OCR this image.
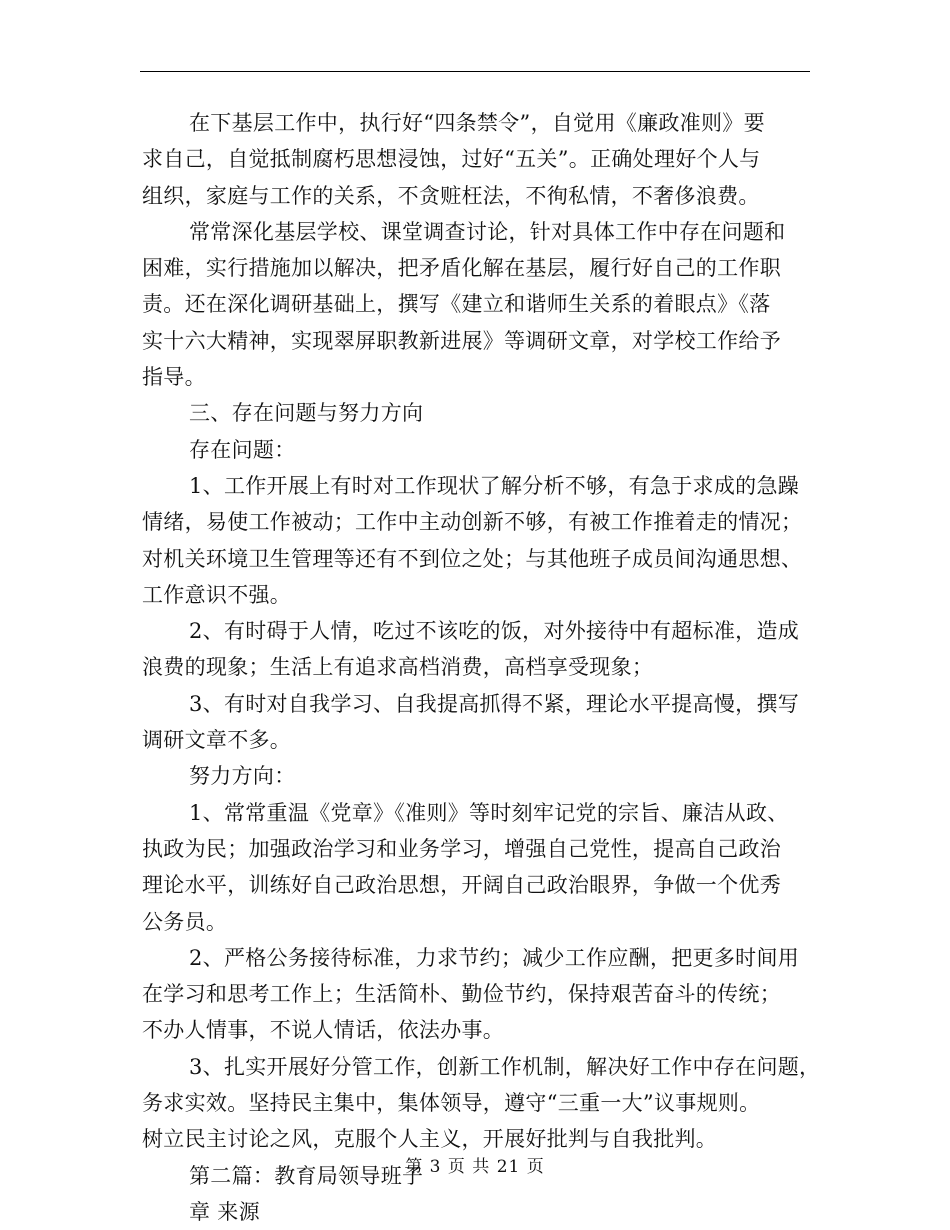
在下基层工作中，执行好“四条禁令”，自觉用《廉政准则》要
求自己，自觉抵制腐朽思想浸蚀，过好“五关”。正确处理好个人与
组织，家庭与工作的关系，不贪赃枉法，不徇私情，不奢侈浪费。
常常深化基层学校、课堂调查讨论，针对具体工作中存在问题和
困难，实行措施加以解决，把矛盾化解在基层，履行好自己的工作职
责。还在深化调研基础上，撰写《建立和谐师生关系的着眼点》《落
实十六大精神，实现翠屏职教新进展》等调研文章，对学校工作给予
指导。
三、存在问题与努力方向
存在问题：
1、工作开展上有时对工作现状了解分析不够，有急于求成的急躁
情绪，易使工作被动；工作中主动创新不够，有被工作推着走的情况；
对机关环境卫生管理等还有不到位之处；与其他班子成员间沟通思想、
工作意识不强。
2、有时碍于人情，吃过不该吃的饭，对外接待中有超标准，造成
浪费的现象；生活上有追求高档消费，高档享受现象；
3、有时对自我学习、自我提高抓得不紧，理论水平提高慢，撰写
调研文章不多。
努力方向：
1、常常重温《党章》《准则》等时刻牢记党的宗旨、廉洁从政、
执政为民；加强政治学习和业务学习，增强自己党性，提高自己政治
理论水平，训练好自己政治思想，开阔自己政治眼界，争做一个优秀
公务员。
2、严格公务接待标准，力求节约；减少工作应酬，把更多时间用
在学习和思考工作上；生活简朴、勤俭节约，保持艰苦奋斗的传统；
不办人情事，不说人情话，依法办事。
3、扎实开展好分管工作，创新工作机制，解决好工作中存在问题，
务求实效。坚持民主集中，集体领导，遵守“三重一大”议事规则。
树立民主讨论之风，克服个人主义，开展好批判与自我批判。
第二篇：教育局领导班子
章 来源
第 3 页 共 21 页
